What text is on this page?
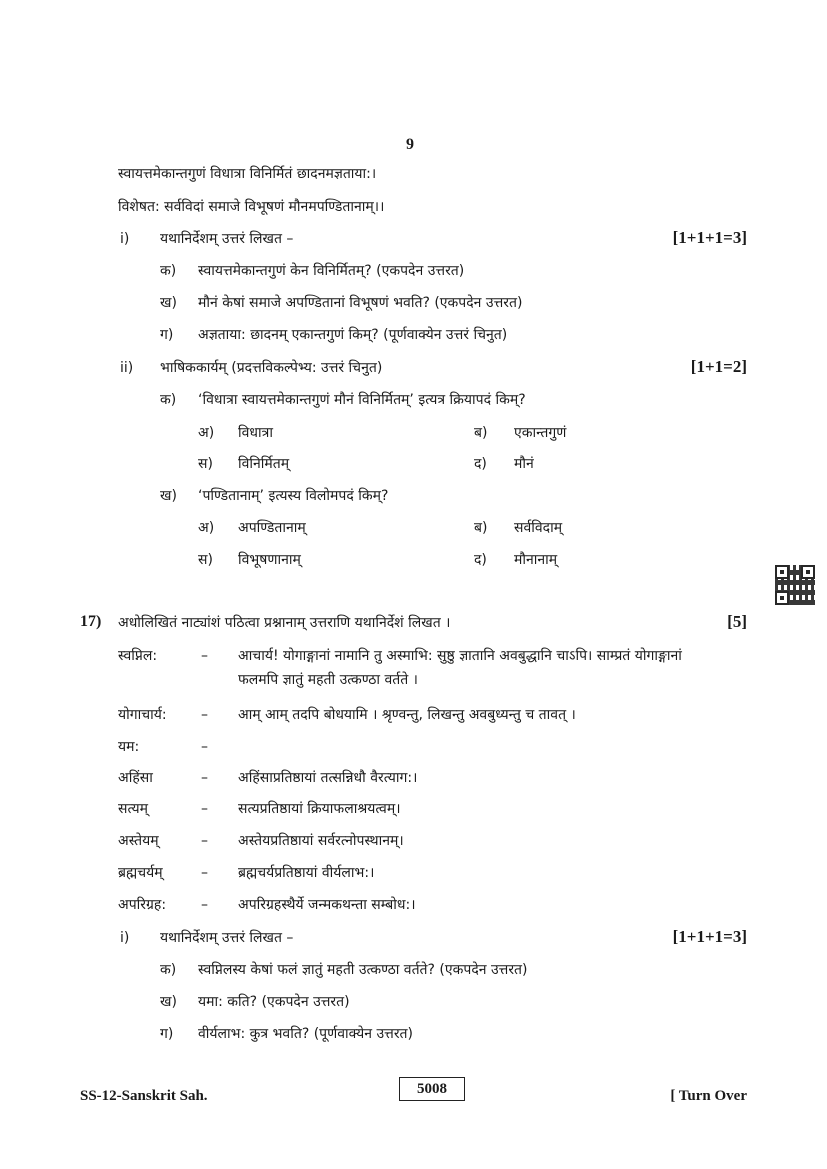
9
स्वायत्तमेकान्तगुणं विधात्रा विनिर्मितं छादनमज्ञताया:।
विशेषत: सर्वविदां समाजे विभूषणं मौनमपण्डितानाम्।।
i) यथानिर्देशम् उत्तरं लिखत –	[1+1+1=3]
क) स्वायत्तमेकान्तगुणं केन विनिर्मितम्? (एकपदेन उत्तरत)
ख) मौनं केषां समाजे अपण्डितानां विभूषणं भवति? (एकपदेन उत्तरत)
ग) अज्ञताया: छादनम् एकान्तगुणं किम्? (पूर्णवाक्येन उत्तरं चिनुत)
ii) भाषिककार्यम् (प्रदत्तविकल्पेभ्य: उत्तरं चिनुत)	[1+1=2]
क) ‘विधात्रा स्वायत्तमेकान्तगुणं मौनं विनिर्मितम्’ इत्यत्र क्रियापदं किम्?
अ) विधात्रा	ब) एकान्तगुणं
स) विनिर्मितम्	द) मौनं
ख) ‘पण्डितानाम्’ इत्यस्य विलोमपदं किम्?
अ) अपण्डितानाम्	ब) सर्वविदाम्
स) विभूषणानाम्	द) मौनानाम्
17) अधोलिखितं नाट्यांशं पठित्वा प्रश्नानाम् उत्तराणि यथानिर्देशं लिखत ।	[5]
स्वप्निल:	– आचार्य! योगाङ्गानां नामानि तु अस्माभि: सुष्ठु ज्ञातानि अवबुद्धानि चाऽपि। साम्प्रतं योगाङ्गानां
फलमपि ज्ञातुं महती उत्कण्ठा वर्तते ।
योगाचार्य: – आम् आम् तदपि बोधयामि । श्रृण्वन्तु, लिखन्तु अवबुध्यन्तु च तावत् ।
यम:	–
अहिंसा	– अहिंसाप्रतिष्ठायां तत्सन्निधौ वैरत्याग:।
सत्यम्	– सत्यप्रतिष्ठायां क्रियाफलाश्रयत्वम्।
अस्तेयम्	– अस्तेयप्रतिष्ठायां सर्वरत्नोपस्थानम्।
ब्रह्मचर्यम्	– ब्रह्मचर्यप्रतिष्ठायां वीर्यलाभ:।
अपरिग्रह: – अपरिग्रहस्थैर्ये जन्मकथन्ता सम्बोध:।
i) यथानिर्देशम् उत्तरं लिखत –	[1+1+1=3]
क) स्वप्निलस्य केषां फलं ज्ञातुं महती उत्कण्ठा वर्तते? (एकपदेन उत्तरत)
ख) यमा: कति? (एकपदेन उत्तरत)
ग) वीर्यलाभ: कुत्र भवति? (पूर्णवाक्येन उत्तरत)
SS-12-Sanskrit Sah.	5008	[ Turn Over
